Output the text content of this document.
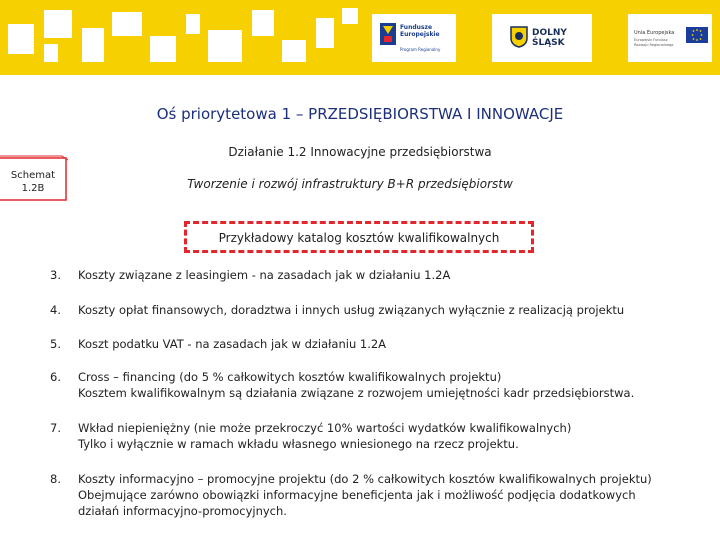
Fundusze
Europejskie
Program Regionalny
DOLNY
ŚLĄSK
Unia Europejska
Europejski Fundusz
Rozwoju Regionalnego
Oś priorytetowa 1 – PRZEDSIĘBIORSTWA I INNOWACJE
Działanie 1.2 Innowacyjne przedsiębiorstwa
Schemat
1.2B	Tworzenie i rozwój infrastruktury B+R przedsiębiorstw
Przykładowy katalog kosztów kwalifikowalnych
3. Koszty związane z leasingiem - na zasadach jak w działaniu 1.2A
4. Koszty opłat finansowych, doradztwa i innych usług związanych wyłącznie z realizacją projektu
5. Koszt podatku VAT - na zasadach jak w działaniu 1.2A
6. Cross – financing (do 5 % całkowitych kosztów kwalifikowalnych projektu)
Kosztem kwalifikowalnym są działania związane z rozwojem umiejętności kadr przedsiębiorstwa.
7. Wkład niepieniężny (nie może przekroczyć 10% wartości wydatków kwalifikowalnych)
Tylko i wyłącznie w ramach wkładu własnego wniesionego na rzecz projektu.
8. Koszty informacyjno – promocyjne projektu (do 2 % całkowitych kosztów kwalifikowalnych projektu)
Obejmujące zarówno obowiązki informacyjne beneficjenta jak i możliwość podjęcia dodatkowych
działań informacyjno-promocyjnych.
